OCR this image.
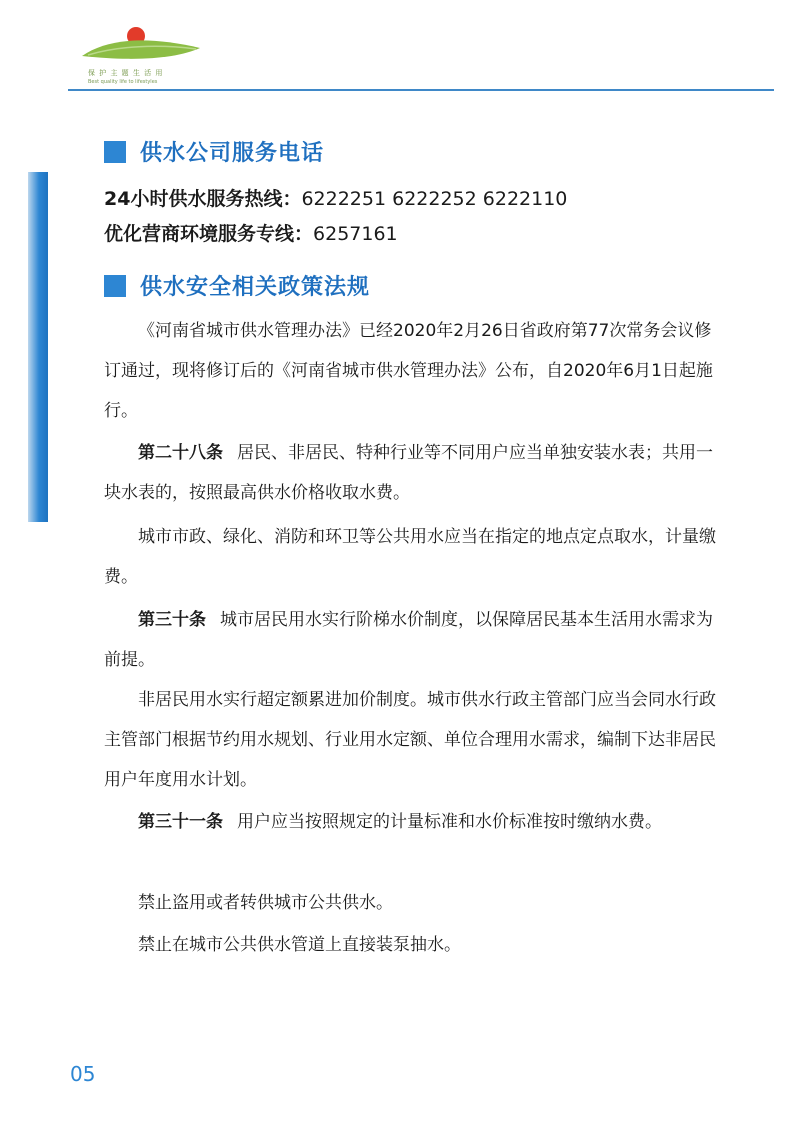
保 护 主 题 生 活 用
Best quality life to lifestyles
供水公司服务电话
24小时供水服务热线：6222251 6222252 6222110
优化营商环境服务专线：6257161
供水安全相关政策法规

《河南省城市供水管理办法》已经2020年2月26日省政府第77次常务会议修订通过，现将修订后的《河南省城市供水管理办法》公布，自2020年6月1日起施行。

第二十八条 居民、非居民、特种行业等不同用户应当单独安装水表；共用一块水表的，按照最高供水价格收取水费。

城市市政、绿化、消防和环卫等公共用水应当在指定的地点定点取水，计量缴费。

第三十条 城市居民用水实行阶梯水价制度，以保障居民基本生活用水需求为前提。

非居民用水实行超定额累进加价制度。城市供水行政主管部门应当会同水行政主管部门根据节约用水规划、行业用水定额、单位合理用水需求，编制下达非居民用户年度用水计划。

第三十一条 用户应当按照规定的计量标准和水价标准按时缴纳水费。

禁止盗用或者转供城市公共供水。

禁止在城市公共供水管道上直接装泵抽水。

05
